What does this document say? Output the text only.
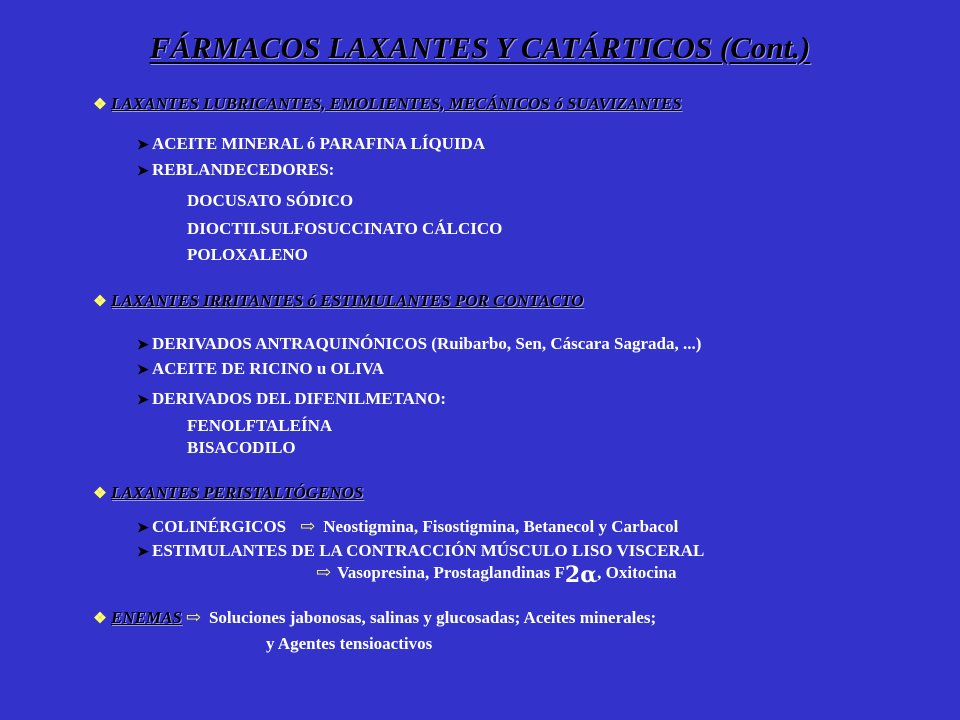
FÁRMACOS LAXANTES Y CATÁRTICOS (Cont.)
❖ LAXANTES LUBRICANTES, EMOLIENTES, MECÁNICOS ó SUAVIZANTES
➤ ACEITE MINERAL ó PARAFINA LÍQUIDA
➤ REBLANDECEDORES:
DOCUSATO SÓDICO
DIOCTILSULFOSUCCINATO CÁLCICO
POLOXALENO
❖ LAXANTES IRRITANTES ó ESTIMULANTES POR CONTACTO
➤ DERIVADOS ANTRAQUINÓNICOS (Ruibarbo, Sen, Cáscara Sagrada, ...)
➤ ACEITE DE RICINO u OLIVA
➤ DERIVADOS DEL DIFENILMETANO:
FENOLFTALEÍNA
BISACODILO
❖ LAXANTES PERISTALTÓGENOS
➤ COLINÉRGICOS ⇨ Neostigmina, Fisostigmina, Betanecol y Carbacol
➤ ESTIMULANTES DE LA CONTRACCIÓN MÚSCULO LISO VISCERAL
⇨ Vasopresina, Prostaglandinas F2α, Oxitocina
❖ ENEMAS ⇨ Soluciones jabonosas, salinas y glucosadas; Aceites minerales;
y Agentes tensioactivos
